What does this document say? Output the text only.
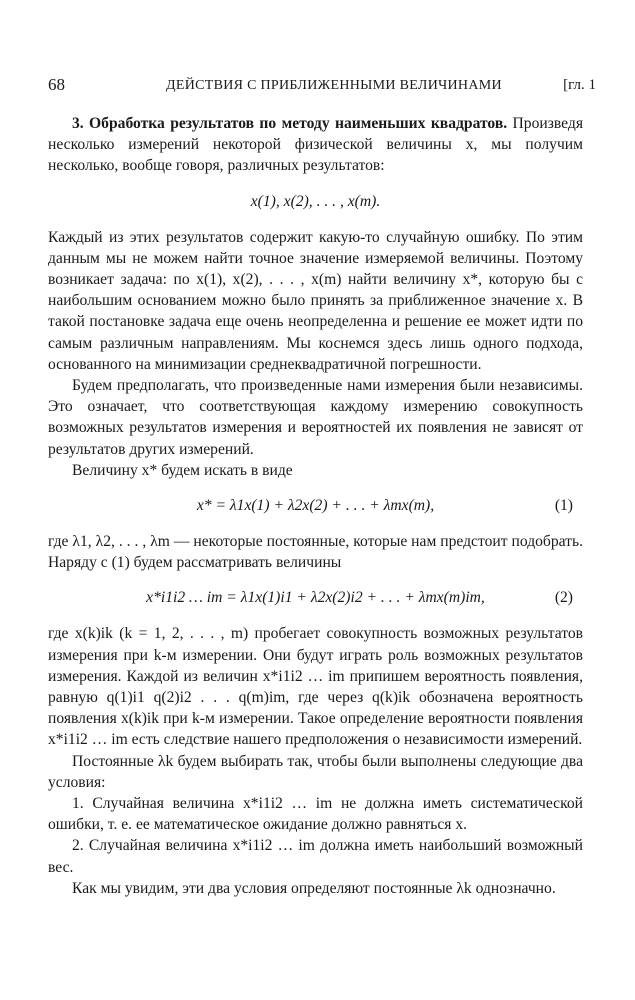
68	ДЕЙСТВИЯ С ПРИБЛИЖЕННЫМИ ВЕЛИЧИНАМИ	[гл. 1

3. Обработка результатов по методу наименьших квадратов. Произведя несколько измерений некоторой физической величины x, мы получим несколько, вообще говоря, различных результатов:

x(1), x(2), . . . , x(m).

Каждый из этих результатов содержит какую-то случайную ошибку. По этим данным мы не можем найти точное значение измеряемой величины. Поэтому возникает задача: по x(1), x(2), . . . , x(m) найти величину x*, которую бы с наибольшим основанием можно было принять за приближенное значение x. В такой постановке задача еще очень неопределенна и решение ее может идти по самым различным направлениям. Мы коснемся здесь лишь одного подхода, основанного на минимизации среднеквадратичной погрешности.

Будем предполагать, что произведенные нами измерения были независимы. Это означает, что соответствующая каждому измерению совокупность возможных результатов измерения и вероятностей их появления не зависят от результатов других измерений.

Величину x* будем искать в виде

x* = λ1x(1) + λ2x(2) + . . . + λmx(m),	(1)

где λ1, λ2, . . . , λm — некоторые постоянные, которые нам предстоит подобрать. Наряду с (1) будем рассматривать величины

x*i1i2 … im = λ1x(1)i1 + λ2x(2)i2 + . . . + λmx(m)im,	(2)

где x(k)ik (k = 1, 2, . . . , m) пробегает совокупность возможных результатов измерения при k-м измерении. Они будут играть роль возможных результатов измерения. Каждой из величин x*i1i2 … im припишем вероятность появления, равную q(1)i1 q(2)i2 . . . q(m)im, где через q(k)ik обозначена вероятность появления x(k)ik при k-м измерении. Такое определение вероятности появления x*i1i2 … im есть следствие нашего предположения о независимости измерений.

Постоянные λk будем выбирать так, чтобы были выполнены следующие два условия:

1. Случайная величина x*i1i2 … im не должна иметь систематической ошибки, т. е. ее математическое ожидание должно равняться x.

2. Случайная величина x*i1i2 … im должна иметь наибольший возможный вес.

Как мы увидим, эти два условия определяют постоянные λk однозначно.
